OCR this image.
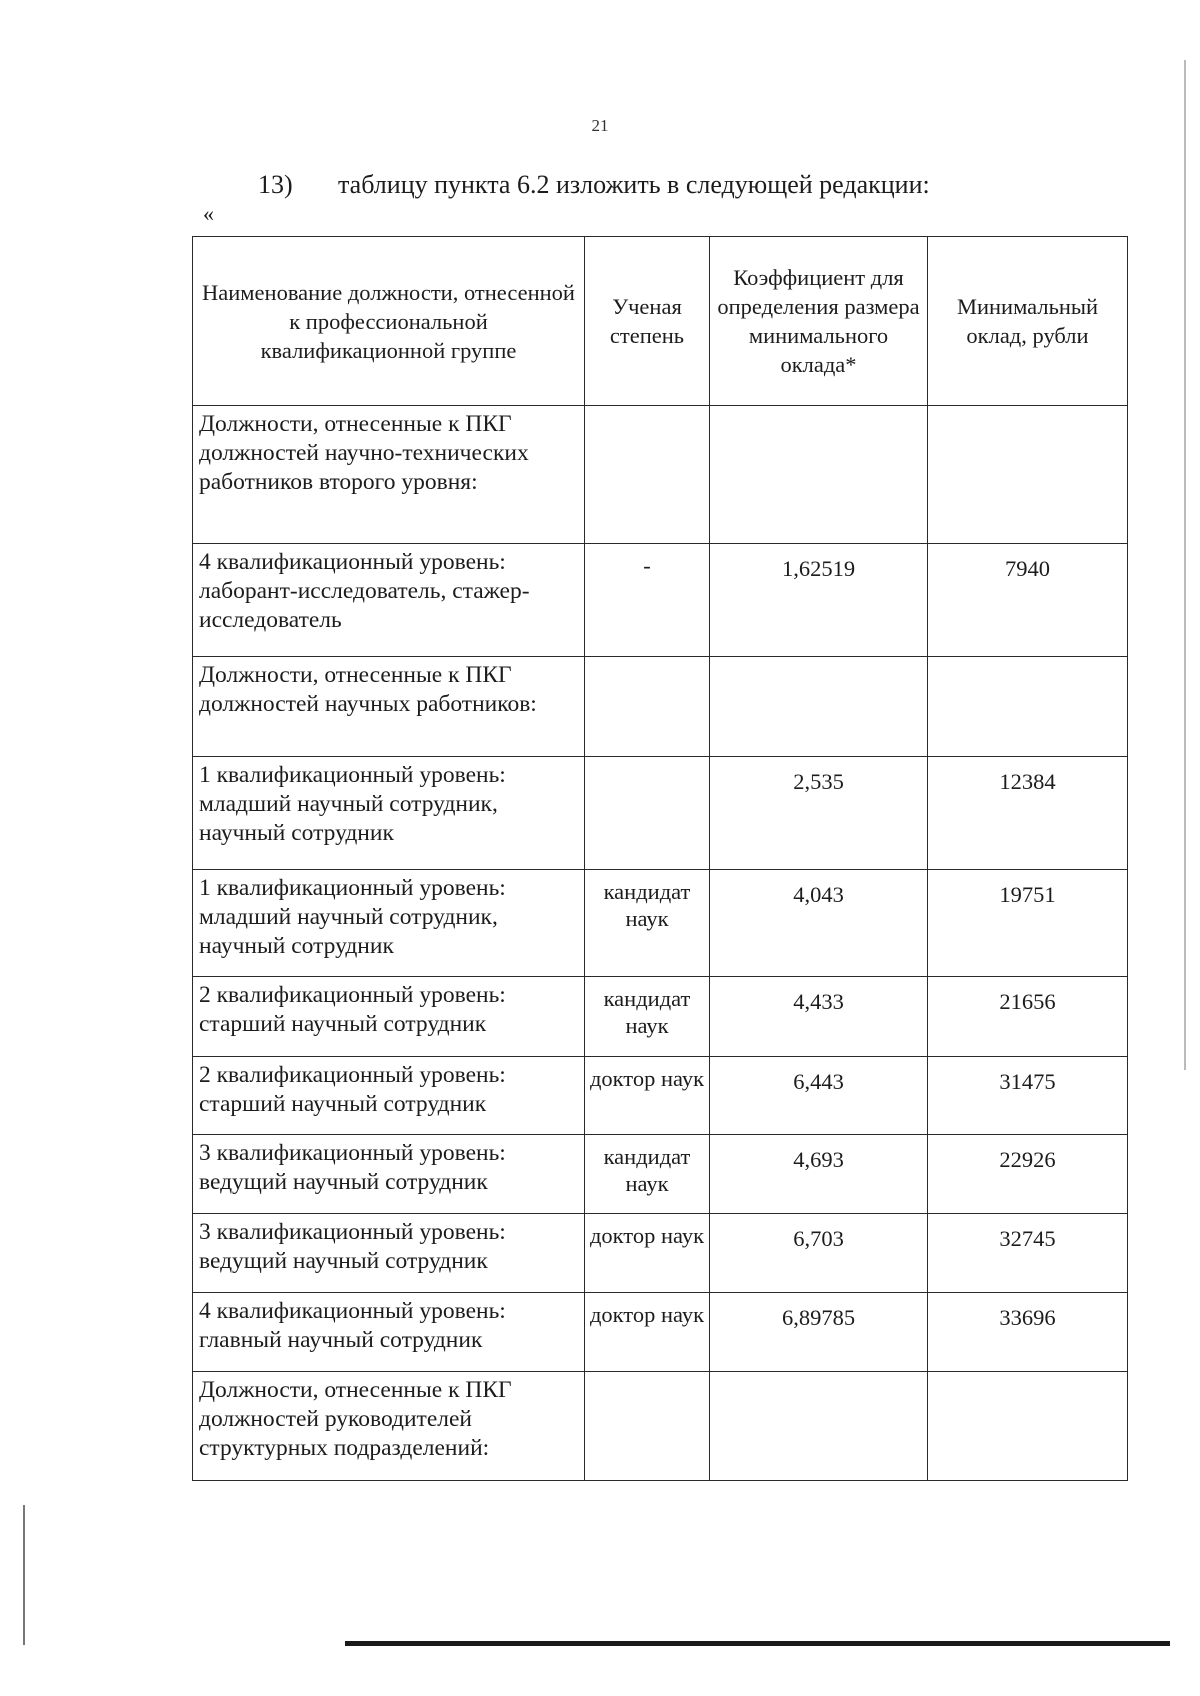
21
13) таблицу пункта 6.2 изложить в следующей редакции:
«
Наименование должности, отнесенной к профессиональной квалификационной группе	Ученая степень	Коэффициент для определения размера минимального оклада*	Минимальный оклад, рубли
Должности, отнесенные к ПКГ должностей научно-технических работников второго уровня:			
4 квалификационный уровень: лаборант-исследователь, стажер-исследователь	-	1,62519	7940
Должности, отнесенные к ПКГ должностей научных работников:			
1 квалификационный уровень: младший научный сотрудник, научный сотрудник		2,535	12384
1 квалификационный уровень: младший научный сотрудник, научный сотрудник	кандидат наук	4,043	19751
2 квалификационный уровень: старший научный сотрудник	кандидат наук	4,433	21656
2 квалификационный уровень: старший научный сотрудник	доктор наук	6,443	31475
3 квалификационный уровень: ведущий научный сотрудник	кандидат наук	4,693	22926
3 квалификационный уровень: ведущий научный сотрудник	доктор наук	6,703	32745
4 квалификационный уровень: главный научный сотрудник	доктор наук	6,89785	33696
Должности, отнесенные к ПКГ должностей руководителей структурных подразделений:			
